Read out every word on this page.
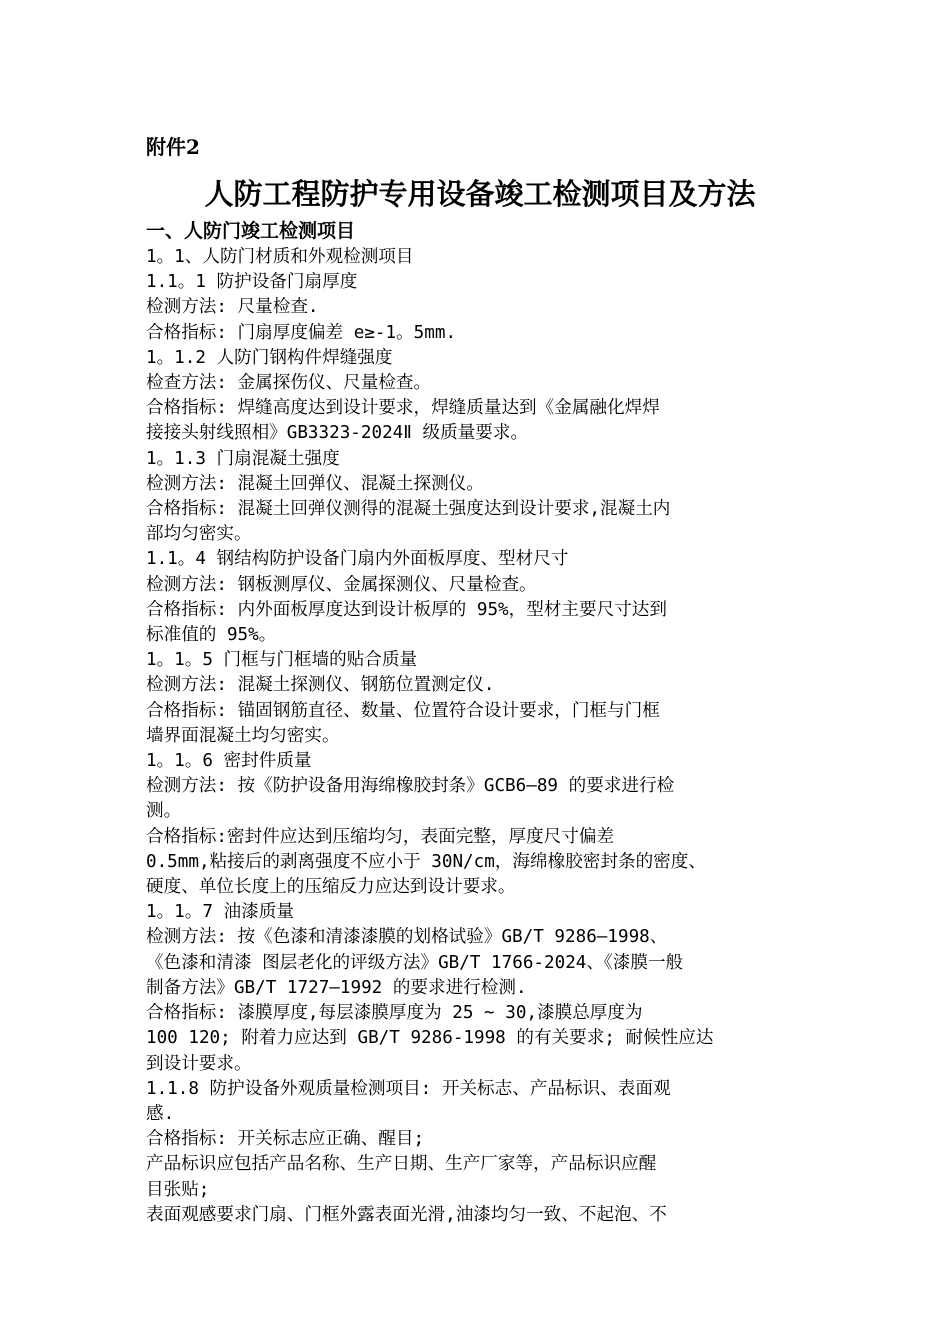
附件2
人防工程防护专用设备竣工检测项目及方法
一、人防门竣工检测项目
1。1、人防门材质和外观检测项目
1.1。1 防护设备门扇厚度
检测方法: 尺量检查.
合格指标: 门扇厚度偏差 e≥-1。5mm.
1。1.2 人防门钢构件焊缝强度
检查方法: 金属探伤仪、尺量检查。
合格指标: 焊缝高度达到设计要求，焊缝质量达到《金属融化焊焊
接接头射线照相》GB3323-2024Ⅱ 级质量要求。
1。1.3 门扇混凝土强度
检测方法: 混凝土回弹仪、混凝土探测仪。
合格指标: 混凝土回弹仪测得的混凝土强度达到设计要求,混凝土内
部均匀密实。
1.1。4 钢结构防护设备门扇内外面板厚度、型材尺寸
检测方法: 钢板测厚仪、金属探测仪、尺量检查。
合格指标: 内外面板厚度达到设计板厚的 95%，型材主要尺寸达到
标准值的 95%。
1。1。5 门框与门框墙的贴合质量
检测方法: 混凝土探测仪、钢筋位置测定仪.
合格指标: 锚固钢筋直径、数量、位置符合设计要求，门框与门框
墙界面混凝土均匀密实。
1。1。6 密封件质量
检测方法: 按《防护设备用海绵橡胶封条》GCB6—89 的要求进行检
测。
合格指标:密封件应达到压缩均匀，表面完整，厚度尺寸偏差
0.5mm,粘接后的剥离强度不应小于 30N/cm，海绵橡胶密封条的密度、
硬度、单位长度上的压缩反力应达到设计要求。
1。1。7 油漆质量
检测方法: 按《色漆和清漆漆膜的划格试验》GB/T 9286—1998、
《色漆和清漆 图层老化的评级方法》GB/T 1766-2024、《漆膜一般
制备方法》GB/T 1727—1992 的要求进行检测.
合格指标: 漆膜厚度,每层漆膜厚度为 25 ~ 30,漆膜总厚度为
100 120; 附着力应达到 GB/T 9286-1998 的有关要求; 耐候性应达
到设计要求。
1.1.8 防护设备外观质量检测项目: 开关标志、产品标识、表面观
感.
合格指标: 开关标志应正确、醒目;
产品标识应包括产品名称、生产日期、生产厂家等，产品标识应醒
目张贴;
表面观感要求门扇、门框外露表面光滑,油漆均匀一致、不起泡、不
